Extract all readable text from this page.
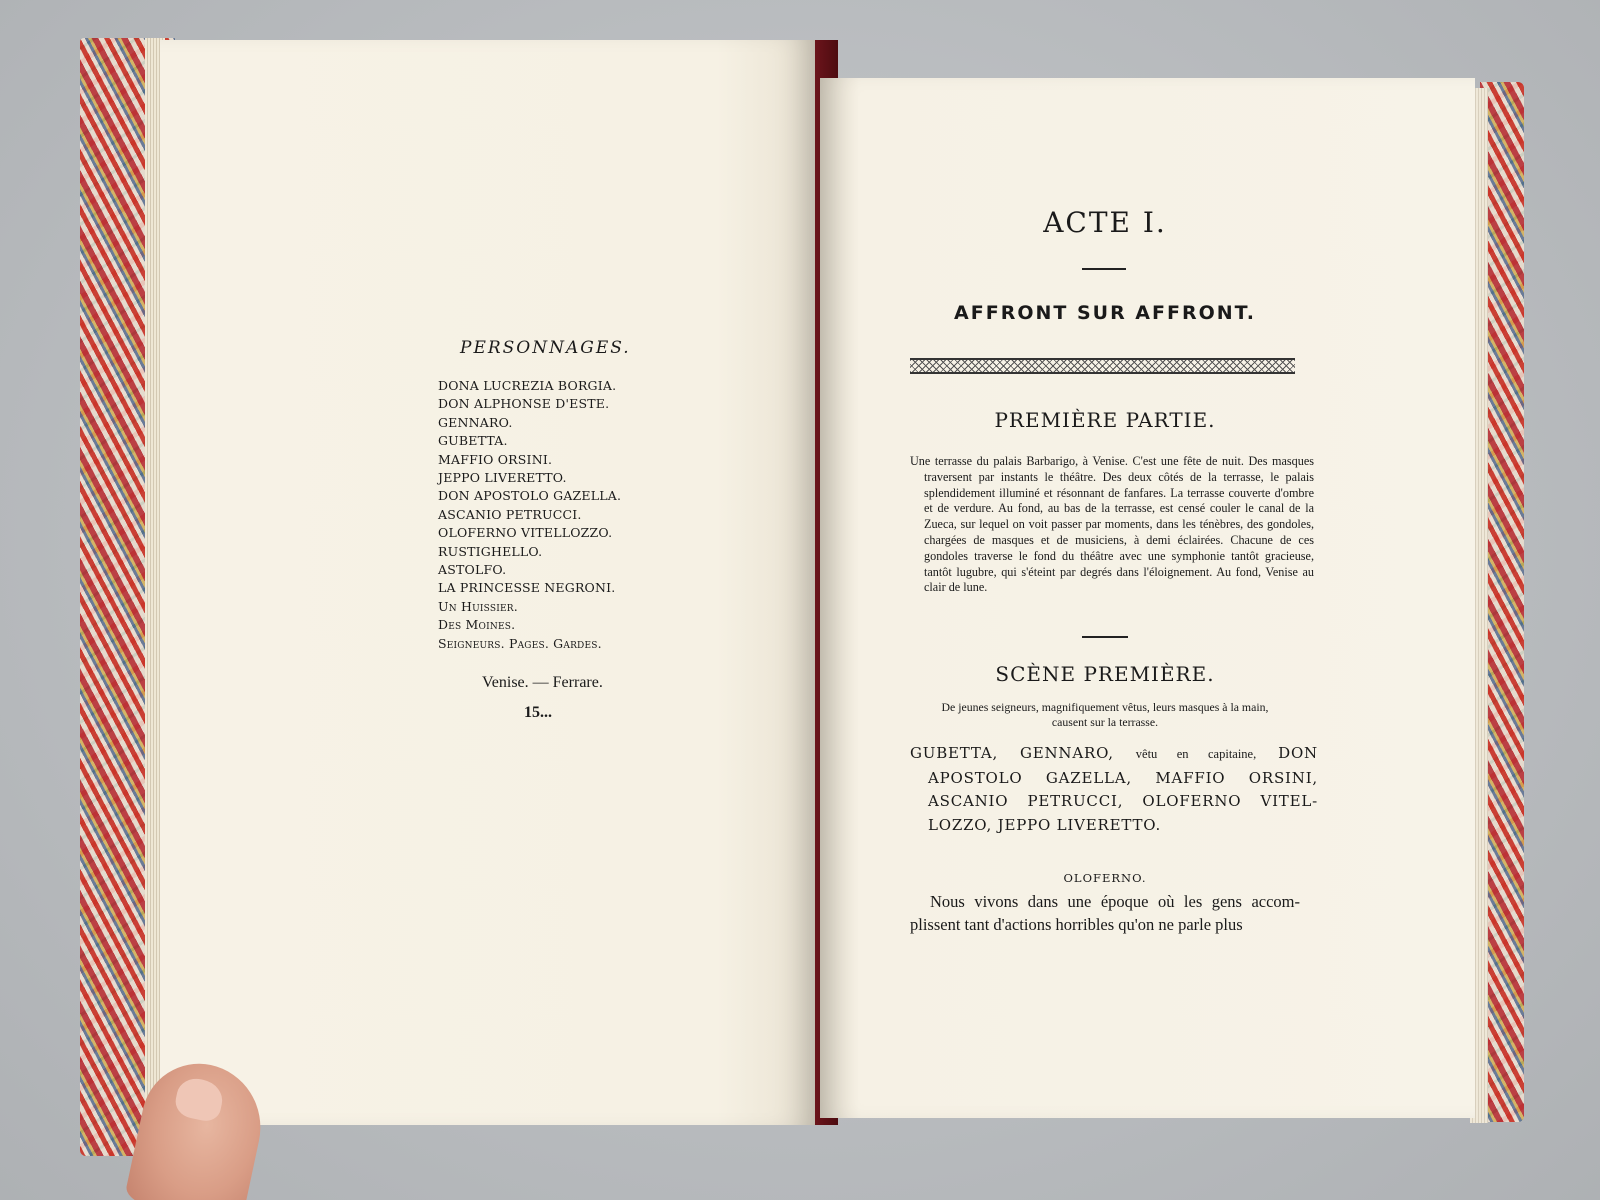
PERSONNAGES.
DONA LUCREZIA BORGIA.
DON ALPHONSE D'ESTE.
GENNARO.
GUBETTA.
MAFFIO ORSINI.
JEPPO LIVERETTO.
DON APOSTOLO GAZELLA.
ASCANIO PETRUCCI.
OLOFERNO VITELLOZZO.
RUSTIGHELLO.
ASTOLFO.
LA PRINCESSE NEGRONI.
Un Huissier.
Des Moines.
Seigneurs. Pages. Gardes.
Venise. — Ferrare.
15...
ACTE I.
AFFRONT SUR AFFRONT.
PREMIÈRE PARTIE.
Une terrasse du palais Barbarigo, à Venise. C'est une fête de nuit. Des masques traversent par instants le théâtre. Des deux côtés de la terrasse, le palais splendidement illuminé et résonnant de fanfares. La terrasse couverte d'ombre et de verdure. Au fond, au bas de la terrasse, est censé couler le canal de la Zueca, sur lequel on voit passer par moments, dans les ténèbres, des gondoles, chargées de masques et de musiciens, à demi éclairées. Chacune de ces gondoles traverse le fond du théâtre avec une symphonie tantôt gracieuse, tantôt lugubre, qui s'éteint par degrés dans l'éloignement. Au fond, Venise au clair de lune.
SCÈNE PREMIÈRE.
De jeunes seigneurs, magnifiquement vêtus, leurs masques à la main, causent sur la terrasse.
GUBETTA, GENNARO, vêtu en capitaine, DON APOSTOLO GAZELLA, MAFFIO ORSINI, ASCANIO PETRUCCI, OLOFERNO VITEL-LOZZO, JEPPO LIVERETTO.
OLOFERNO.
Nous vivons dans une époque où les gens accom-plissent tant d'actions horribles qu'on ne parle plus
